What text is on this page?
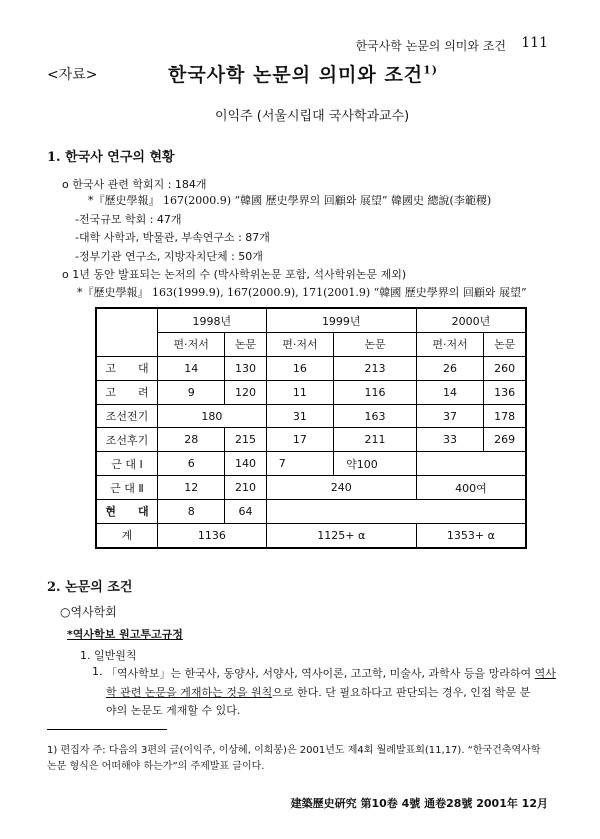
한국사학 논문의 의미와 조건 111
<자료>	한국사학 논문의 의미와 조건$^{1)}$
이익주 (서울시립대 국사학과교수)
1. 한국사 연구의 현황
o 한국사 관련 학회지 : 184개
*『歷史學報』 167(2000.9) “韓國 歷史學界의 回顧와 展望” 韓國史 總說(李範稷)
-전국규모 학회 : 47개
-대학 사학과, 박물관, 부속연구소 : 87개
-정부기관 연구소, 지방자치단체 : 50개
o 1년 동안 발표되는 논저의 수 (박사학위논문 포함, 석사학위논문 제외)
*『歷史學報』 163(1999.9), 167(2000.9), 171(2001.9) “韓國 歷史學界의 回顧와 展望”
	1998년		1999년		2000년	
	편·저서	논문	편·저서	논문	편·저서	논문
고　　대	14	130	16	213	26	260
고　　려	9	120	11	116	14	136
조선전기	180		31	163	37	178
조선후기	28	215	17	211	33	269
근 대 Ⅰ	6	140	7	약100		
근 대 Ⅱ	12	210	240		400여	
현　　대	8	64				
계	1136		1125+ α		1353+ α	
2. 논문의 조건
○역사학회
*역사학보 원고투고규정
1. 일반원칙
1. 「역사학보」는 한국사, 동양사, 서양사, 역사이론, 고고학, 미술사, 과학사 등을 망라하여 역사
학 관련 논문을 게재하는 것을 원칙으로 한다. 단 필요하다고 판단되는 경우, 인접 학문 분
야의 논문도 게재할 수 있다.
1) 편집자 주: 다음의 3편의 글(이익주, 이상혜, 이희봉)은 2001년도 제4회 월례발표회(11,17). “한국건축역사학
논문 형식은 어떠해야 하는가”의 주제발표 글이다.
建築歷史硏究 第10卷 4號 通卷28號 2001年 12月
